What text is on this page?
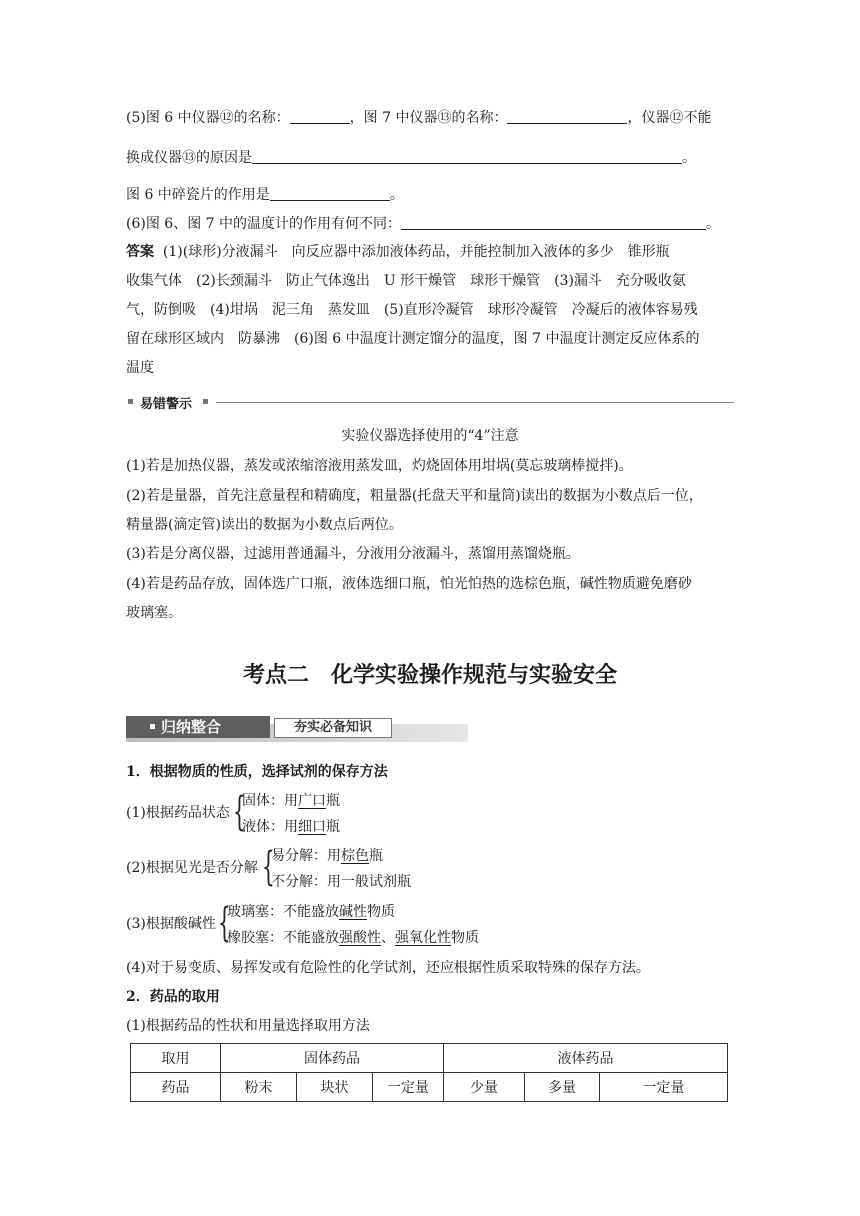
(5)图 6 中仪器⑫的名称：	，图 7 中仪器⑬的名称：	，仪器⑫不能
换成仪器⑬的原因是	。
图 6 中碎瓷片的作用是	。
(6)图 6、图 7 中的温度计的作用有何不同：	。
答案 (1)(球形)分液漏斗　向反应器中添加液体药品，并能控制加入液体的多少　锥形瓶
收集气体　(2)长颈漏斗　防止气体逸出　U 形干燥管　球形干燥管　(3)漏斗　充分吸收氨
气，防倒吸　(4)坩埚　泥三角　蒸发皿　(5)直形冷凝管　球形冷凝管　冷凝后的液体容易残
留在球形区域内　防暴沸　(6)图 6 中温度计测定馏分的温度，图 7 中温度计测定反应体系的
温度
易错警示
实验仪器选择使用的“4”注意
(1)若是加热仪器，蒸发或浓缩溶液用蒸发皿，灼烧固体用坩埚(莫忘玻璃棒搅拌)。
(2)若是量器，首先注意量程和精确度，粗量器(托盘天平和量筒)读出的数据为小数点后一位，
精量器(滴定管)读出的数据为小数点后两位。
(3)若是分离仪器，过滤用普通漏斗，分液用分液漏斗，蒸馏用蒸馏烧瓶。
(4)若是药品存放，固体选广口瓶，液体选细口瓶，怕光怕热的选棕色瓶，碱性物质避免磨砂
玻璃塞。
考点二　化学实验操作规范与实验安全
归纳整合	夯实必备知识
1．根据物质的性质，选择试剂的保存方法
(1)根据药品状态 {
固体：用广口瓶
液体：用细口瓶
(2)根据见光是否分解 {
易分解：用棕色瓶
不分解：用一般试剂瓶
(3)根据酸碱性 {
玻璃塞：不能盛放碱性物质
橡胶塞：不能盛放强酸性、强氧化性物质
(4)对于易变质、易挥发或有危险性的化学试剂，还应根据性质采取特殊的保存方法。
2．药品的取用
(1)根据药品的性状和用量选择取用方法
取用	固体药品			液体药品		
药品	粉末	块状	一定量	少量	多量	一定量
